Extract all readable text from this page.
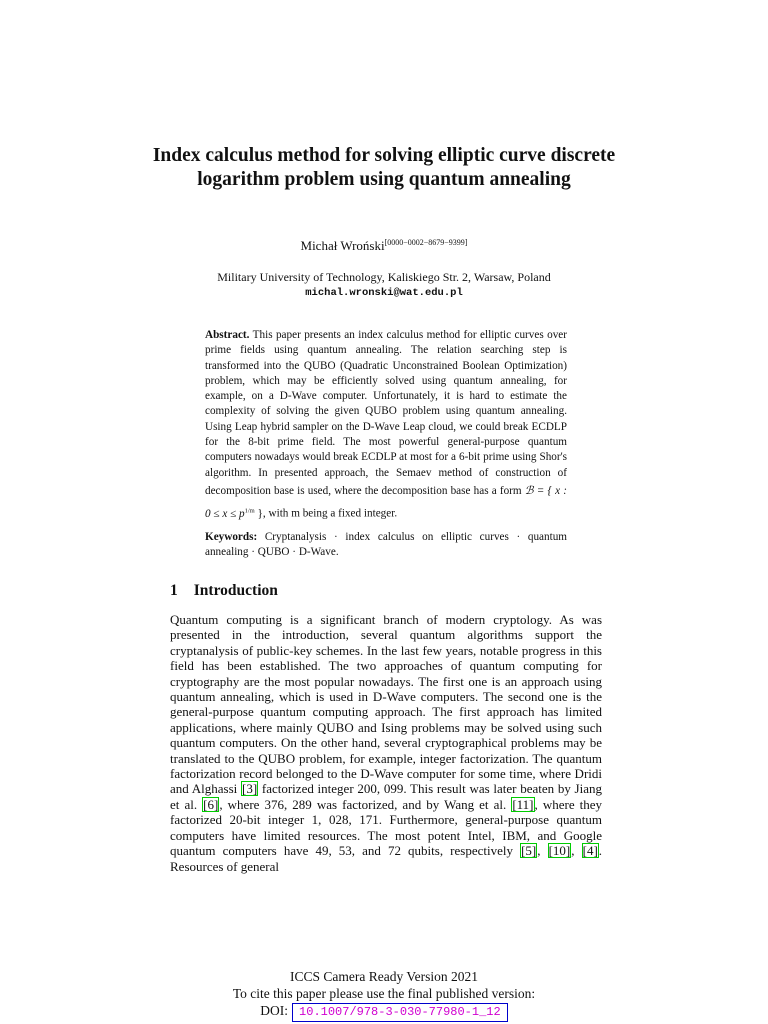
Index calculus method for solving elliptic curve discrete logarithm problem using quantum annealing
Michał Wroński[0000−0002−8679−9399]
Military University of Technology, Kaliskiego Str. 2, Warsaw, Poland
michal.wronski@wat.edu.pl
Abstract. This paper presents an index calculus method for elliptic curves over prime fields using quantum annealing. The relation searching step is transformed into the QUBO (Quadratic Unconstrained Boolean Optimization) problem, which may be efficiently solved using quantum annealing, for example, on a D-Wave computer. Unfortunately, it is hard to estimate the complexity of solving the given QUBO problem using quantum annealing. Using Leap hybrid sampler on the D-Wave Leap cloud, we could break ECDLP for the 8-bit prime field. The most powerful general-purpose quantum computers nowadays would break ECDLP at most for a 6-bit prime using Shor's algorithm. In presented approach, the Semaev method of construction of decomposition base is used, where the decomposition base has a form ℬ = { x : $0 \le x \le p^{1/m}$ }, with m being a fixed integer.
Keywords: Cryptanalysis · index calculus on elliptic curves · quantum annealing · QUBO · D-Wave.
1 Introduction
Quantum computing is a significant branch of modern cryptology. As was presented in the introduction, several quantum algorithms support the cryptanalysis of public-key schemes. In the last few years, notable progress in this field has been established. The two approaches of quantum computing for cryptography are the most popular nowadays. The first one is an approach using quantum annealing, which is used in D-Wave computers. The second one is the general-purpose quantum computing approach. The first approach has limited applications, where mainly QUBO and Ising problems may be solved using such quantum computers. On the other hand, several cryptographical problems may be translated to the QUBO problem, for example, integer factorization. The quantum factorization record belonged to the D-Wave computer for some time, where Dridi and Alghassi [3] factorized integer 200, 099. This result was later beaten by Jiang et al. [6], where 376, 289 was factorized, and by Wang et al. [11], where they factorized 20-bit integer 1, 028, 171. Furthermore, general-purpose quantum computers have limited resources. The most potent Intel, IBM, and Google quantum computers have 49, 53, and 72 qubits, respectively [5], [10], [4]. Resources of general
ICCS Camera Ready Version 2021
To cite this paper please use the final published version:
DOI: 10.1007/978-3-030-77980-1_12
